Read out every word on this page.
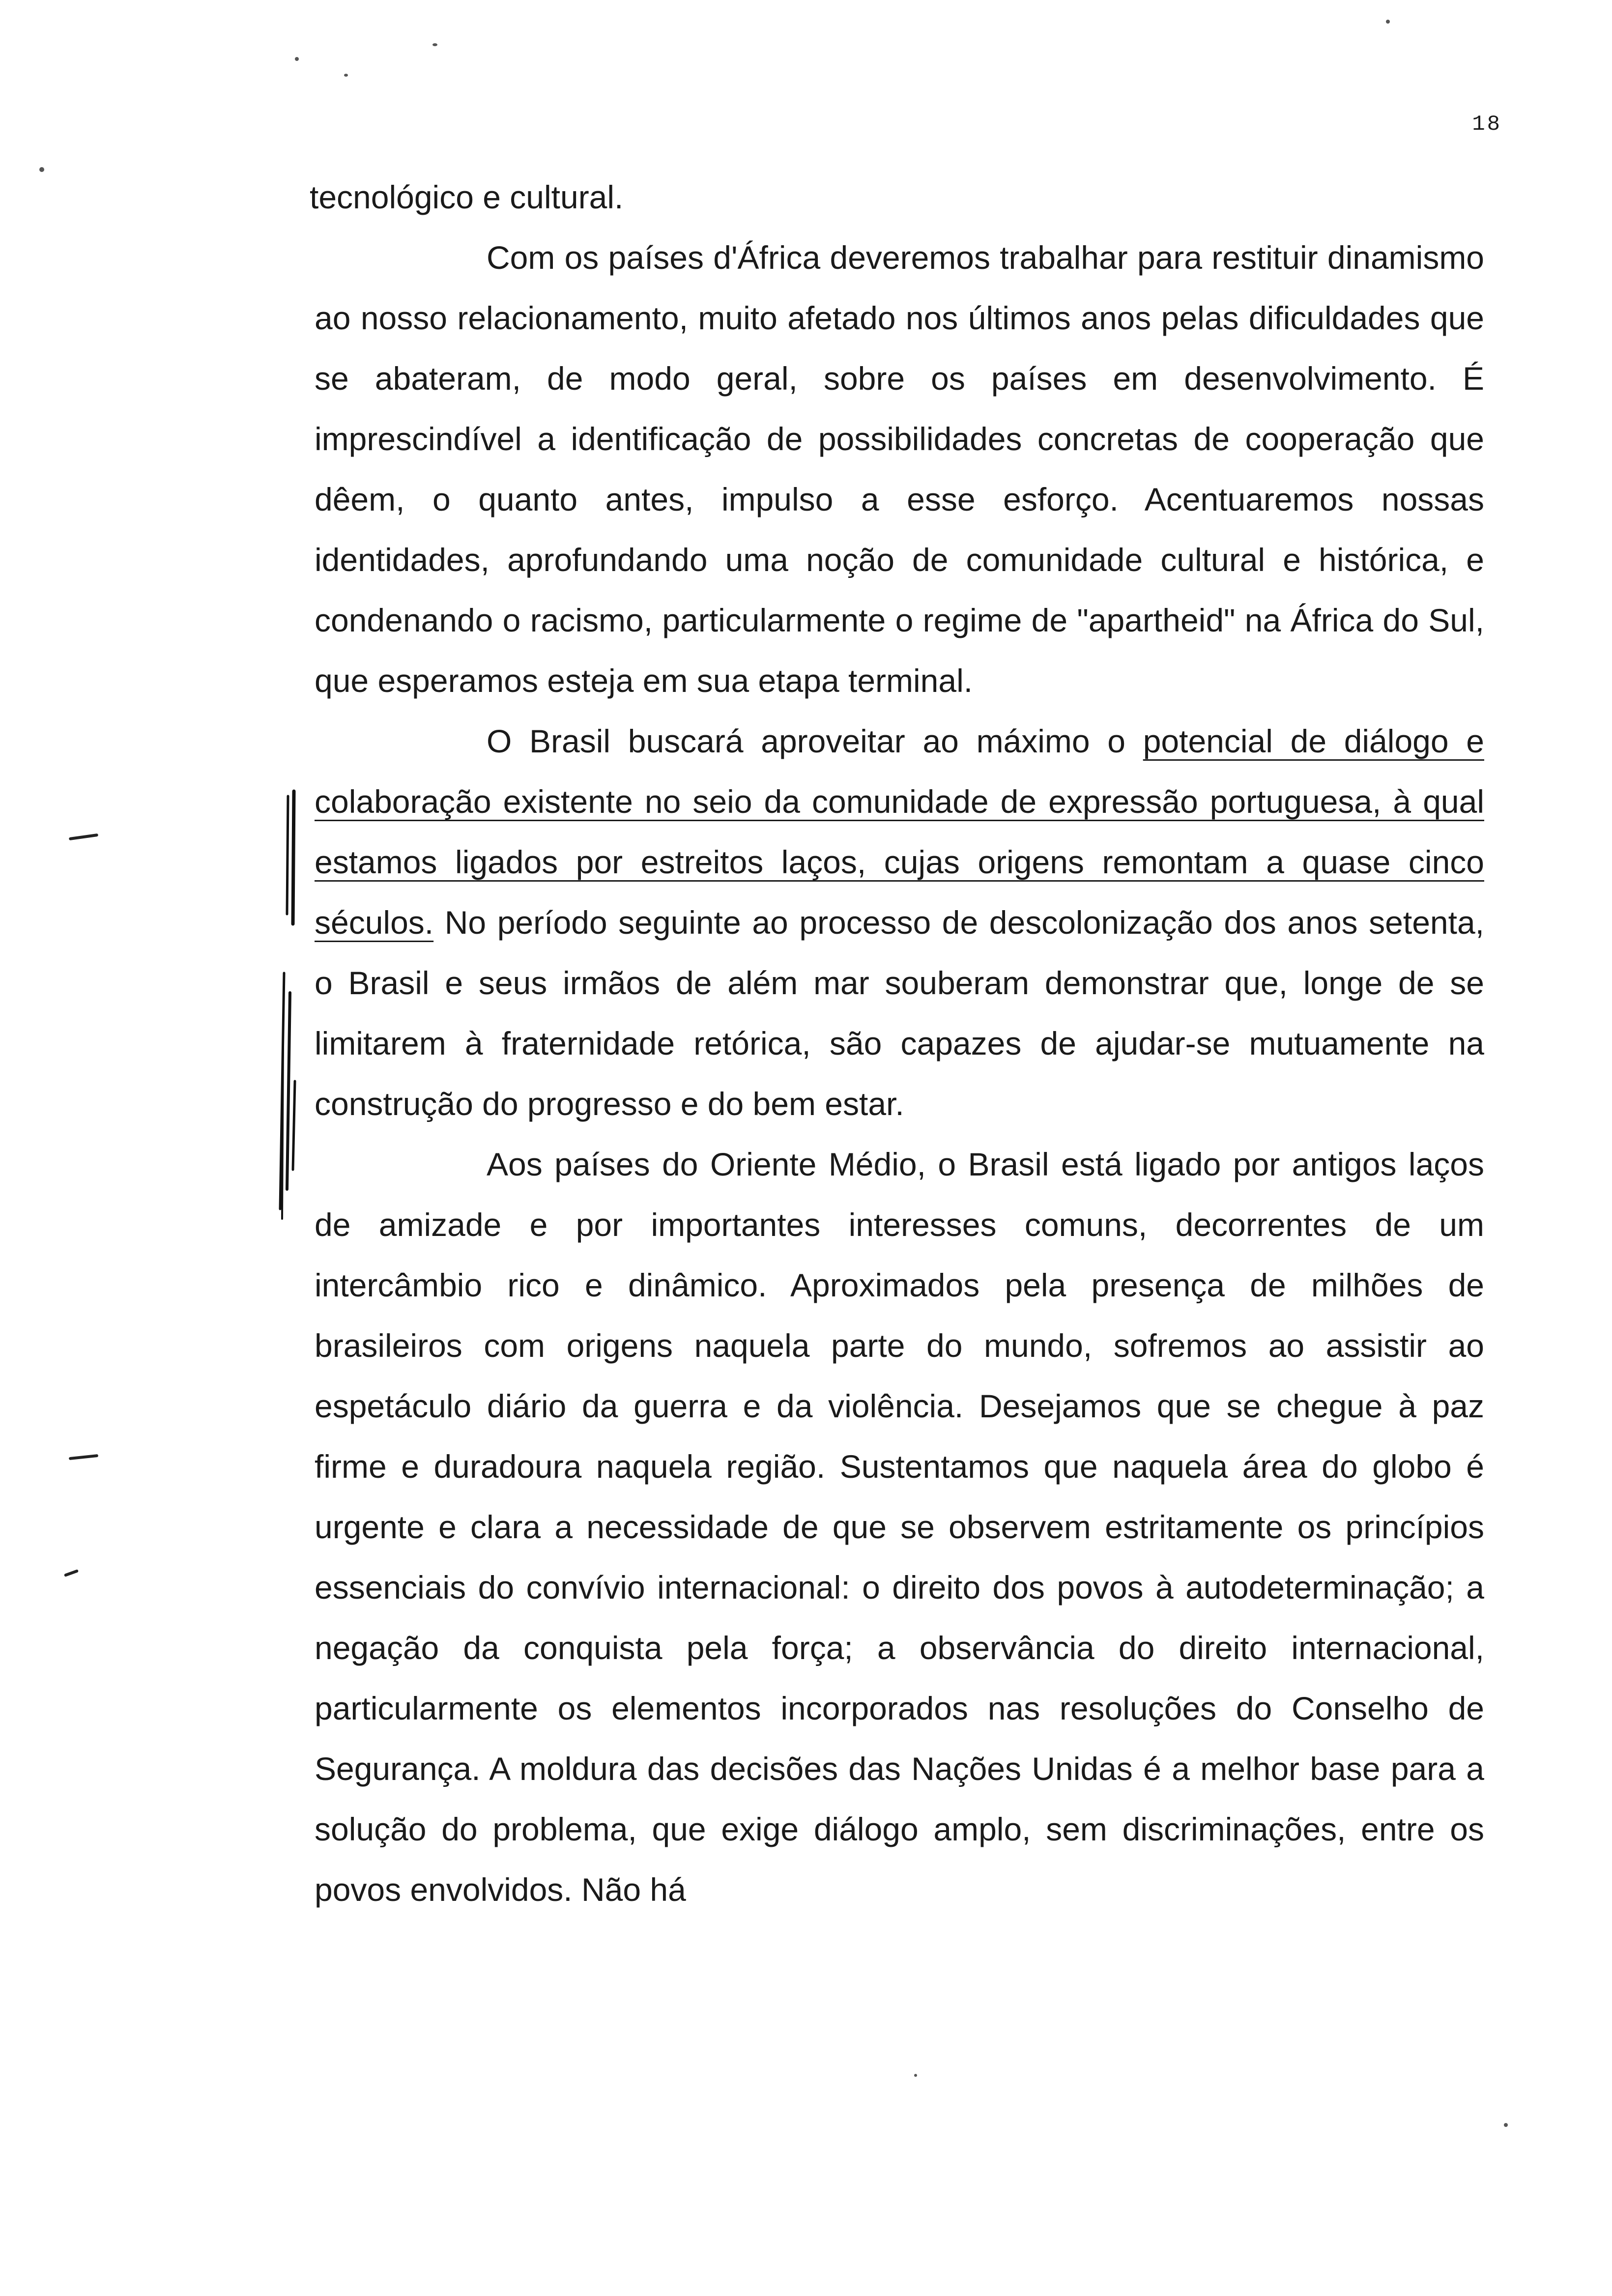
18

tecnológico e cultural.

Com os países d'África deveremos trabalhar para restituir dinamismo ao nosso relacionamento, muito afetado nos últimos anos pelas dificuldades que se abateram, de modo geral, sobre os países em desenvolvimento. É imprescindível a identificação de possibilidades concretas de cooperação que dêem, o quanto antes, impulso a esse esforço. Acentuaremos nossas identidades, aprofundando uma noção de comunidade cultural e histórica, e condenando o racismo, particularmente o regime de "apartheid" na África do Sul, que esperamos esteja em sua etapa terminal.

O Brasil buscará aproveitar ao máximo o potencial de diálogo e colaboração existente no seio da comunidade de expressão portuguesa, à qual estamos ligados por estreitos laços, cujas origens remontam a quase cinco séculos. No período seguinte ao processo de descolonização dos anos setenta, o Brasil e seus irmãos de além mar souberam demonstrar que, longe de se limitarem à fraternidade retórica, são capazes de ajudar-se mutuamente na construção do progresso e do bem estar.

Aos países do Oriente Médio, o Brasil está ligado por antigos laços de amizade e por importantes interesses comuns, decorrentes de um intercâmbio rico e dinâmico. Aproximados pela presença de milhões de brasileiros com origens naquela parte do mundo, sofremos ao assistir ao espetáculo diário da guerra e da violência. Desejamos que se chegue à paz firme e duradoura naquela região. Sustentamos que naquela área do globo é urgente e clara a necessidade de que se observem estritamente os princípios essenciais do convívio internacional: o direito dos povos à autodeterminação; a negação da conquista pela força; a observância do direito internacional, particularmente os elementos incorporados nas resoluções do Conselho de Segurança. A moldura das decisões das Nações Unidas é a melhor base para a solução do problema, que exige diálogo amplo, sem discriminações, entre os povos envolvidos. Não há
